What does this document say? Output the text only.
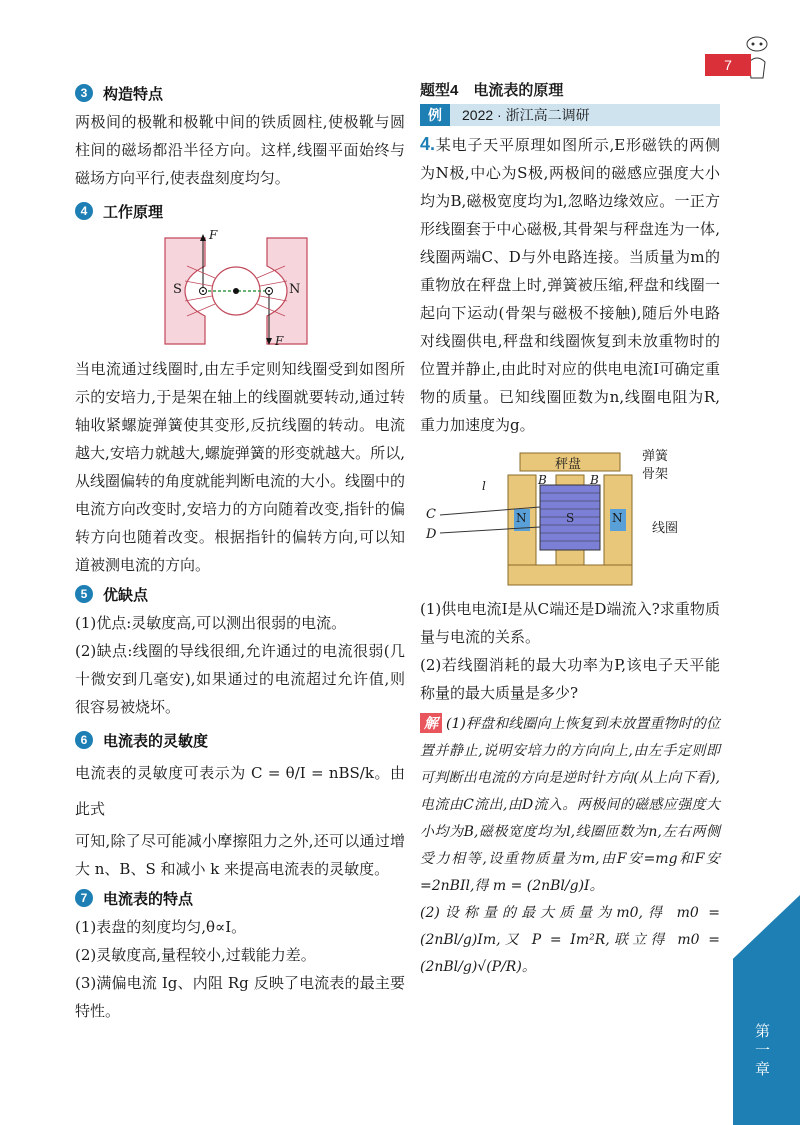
7
第一章
3	构造特点

两极间的极靴和极靴中间的铁质圆柱,使极靴与圆柱间的磁场都沿半径方向。这样,线圈平面始终与磁场方向平行,使表盘刻度均匀。

4	工作原理
F
F
S	N

当电流通过线圈时,由左手定则知线圈受到如图所示的安培力,于是架在轴上的线圈就要转动,通过转轴收紧螺旋弹簧使其变形,反抗线圈的转动。电流越大,安培力就越大,螺旋弹簧的形变就越大。所以,从线圈偏转的角度就能判断电流的大小。线圈中的电流方向改变时,安培力的方向随着改变,指针的偏转方向也随着改变。根据指针的偏转方向,可以知道被测电流的方向。

5	优缺点

(1)优点:灵敏度高,可以测出很弱的电流。

(2)缺点:线圈的导线很细,允许通过的电流很弱(几十微安到几毫安),如果通过的电流超过允许值,则很容易被烧坏。

6	电流表的灵敏度

电流表的灵敏度可表示为 C = θ/I = nBS/k。由此式

可知,除了尽可能减小摩擦阻力之外,还可以通过增大 n、B、S 和减小 k 来提高电流表的灵敏度。

7	电流表的特点

(1)表盘的刻度均匀,θ∝I。

(2)灵敏度高,量程较小,过载能力差。

(3)满偏电流 Ig、内阻 Rg 反映了电流表的最主要特性。

题型4　电流表的原理
例	2022 · 浙江高二调研

4.某电子天平原理如图所示,E形磁铁的两侧为N极,中心为S极,两极间的磁感应强度大小均为B,磁极宽度均为l,忽略边缘效应。一正方形线圈套于中心磁极,其骨架与秤盘连为一体,线圈两端C、D与外电路连接。当质量为m的重物放在秤盘上时,弹簧被压缩,秤盘和线圈一起向下运动(骨架与磁极不接触),随后外电路对线圈供电,秤盘和线圈恢复到未放重物时的位置并静止,由此时对应的供电电流I可确定重物的质量。已知线圈匝数为n,线圈电阻为R,重力加速度为g。

秤盘
弹簧
骨架
线圈
l	B	B
C
D
N	S	N

(1)供电电流I是从C端还是D端流入?求重物质量与电流的关系。

(2)若线圈消耗的最大功率为P,该电子天平能称量的最大质量是多少?

解 (1)秤盘和线圈向上恢复到未放置重物时的位置并静止,说明安培力的方向向上,由左手定则即可判断出电流的方向是逆时针方向(从上向下看),电流由C流出,由D流入。两极间的磁感应强度大小均为B,磁极宽度均为l,线圈匝数为n,左右两侧受力相等,设重物质量为m,由F安=mg和F安=2nBIl,得 m = (2nBl/g)I。

(2)设称量的最大质量为m0,得 m0 = (2nBl/g)Im,又 P = Im²R,联立得 m0 = (2nBl/g)√(P/R)。
